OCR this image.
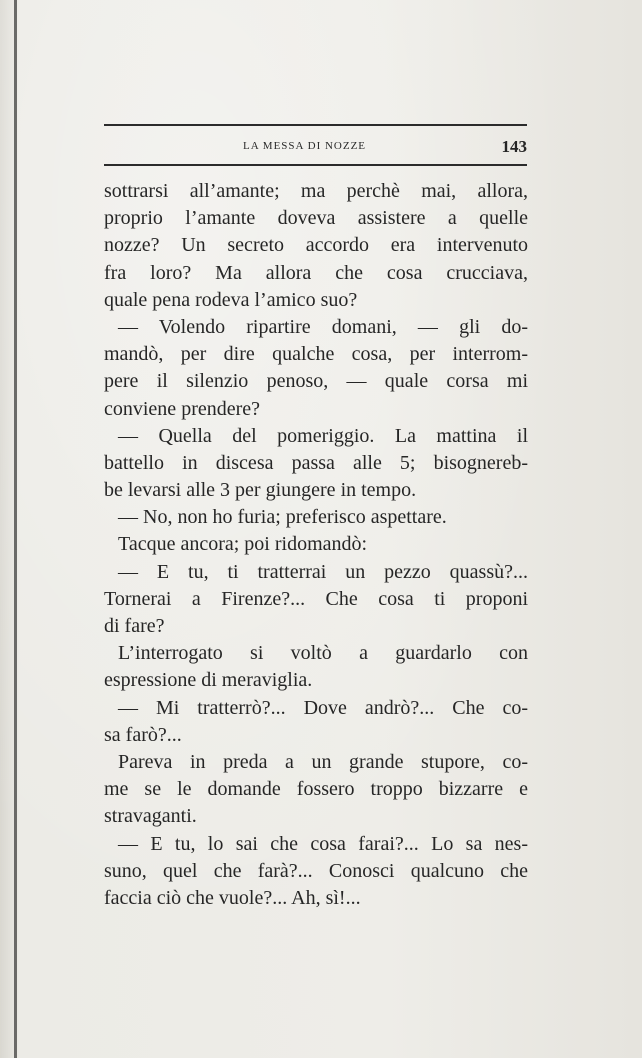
LA MESSA DI NOZZE	143
sottrarsi all’amante; ma perchè mai, allora,
proprio l’amante doveva assistere a quelle
nozze? Un secreto accordo era intervenuto
fra loro? Ma allora che cosa crucciava,
quale pena rodeva l’amico suo?
— Volendo ripartire domani, — gli do-
mandò, per dire qualche cosa, per interrom-
pere il silenzio penoso, — quale corsa mi
conviene prendere?
— Quella del pomeriggio. La mattina il
battello in discesa passa alle 5; bisognereb-
be levarsi alle 3 per giungere in tempo.
— No, non ho furia; preferisco aspettare.
Tacque ancora; poi ridomandò:
— E tu, ti tratterrai un pezzo quassù?...
Tornerai a Firenze?... Che cosa ti proponi
di fare?
L’interrogato si voltò a guardarlo con
espressione di meraviglia.
— Mi tratterrò?... Dove andrò?... Che co-
sa farò?...
Pareva in preda a un grande stupore, co-
me se le domande fossero troppo bizzarre e
stravaganti.
— E tu, lo sai che cosa farai?... Lo sa nes-
suno, quel che farà?... Conosci qualcuno che
faccia ciò che vuole?... Ah, sì!...
